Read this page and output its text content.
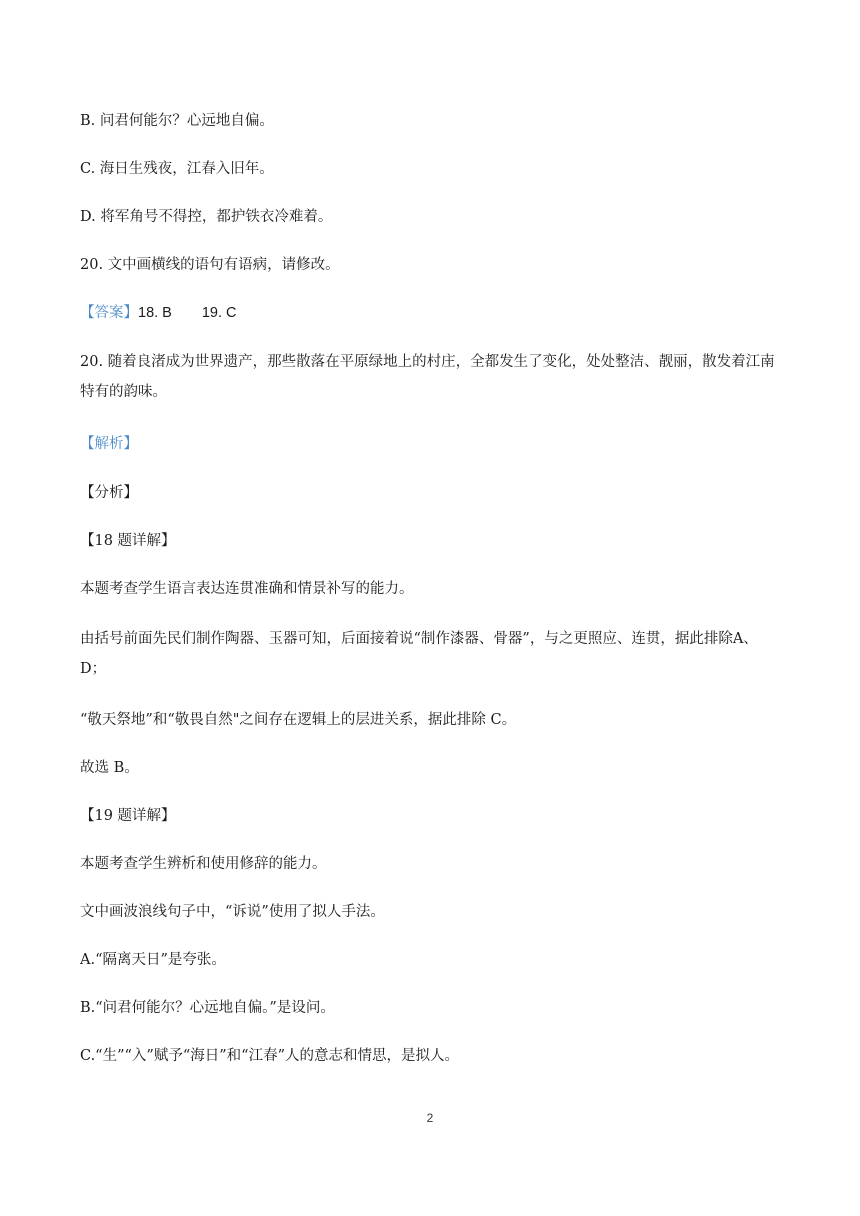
B. 问君何能尔？心远地自偏。
C. 海日生残夜，江春入旧年。
D. 将军角号不得控，都护铁衣冷难着。
20. 文中画横线的语句有语病，请修改。
【答案】18. B 19. C
20. 随着良渚成为世界遗产，那些散落在平原绿地上的村庄，全都发生了变化，处处整洁、靓丽，散发着江南特有的韵味。
【解析】
【分析】
【18 题详解】
本题考查学生语言表达连贯准确和情景补写的能力。
由括号前面先民们制作陶器、玉器可知，后面接着说“制作漆器、骨器”，与之更照应、连贯，据此排除A、D；
“敬天祭地”和“敬畏自然"之间存在逻辑上的层进关系，据此排除 C。
故选 B。
【19 题详解】
本题考查学生辨析和使用修辞的能力。
文中画波浪线句子中，“诉说”使用了拟人手法。
A.“隔离天日”是夸张。
B.“问君何能尔？心远地自偏。”是设问。
C.“生”“入”赋予“海日”和“江春”人的意志和情思，是拟人。
2
